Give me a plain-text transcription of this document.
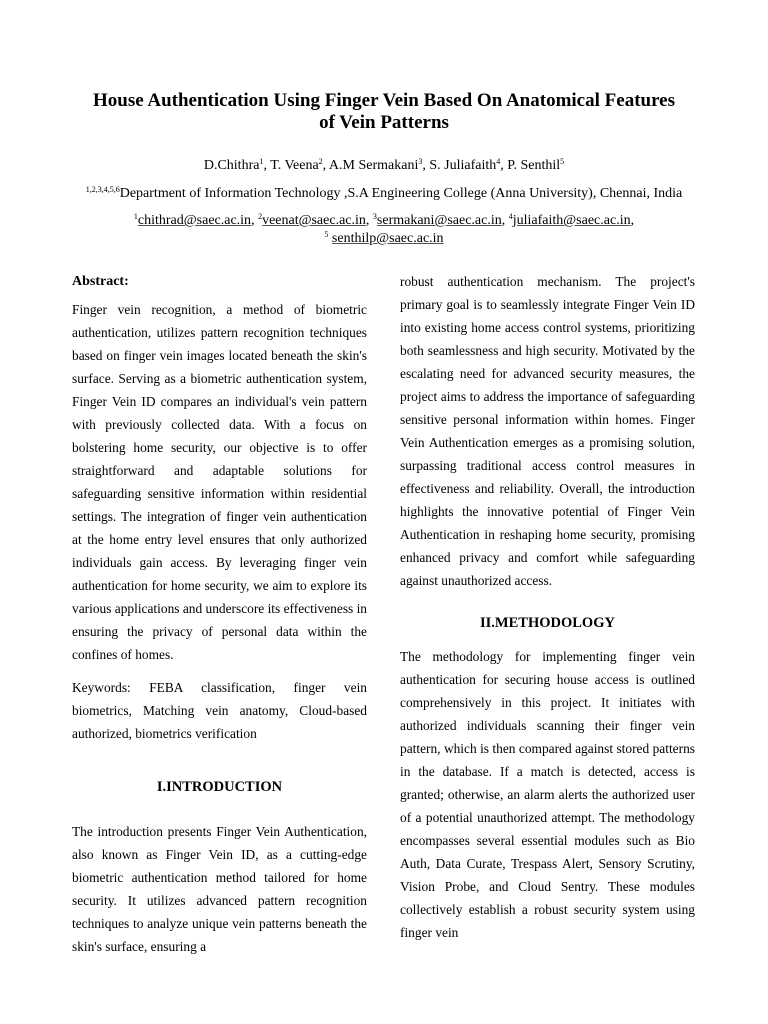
House Authentication Using Finger Vein Based On Anatomical Features of Vein Patterns
D.Chithra$^1$, T. Veena$^2$, A.M Sermakani$^3$, S. Juliafaith$^4$, P. Senthil$^5$
$^{1,2,3,4,5,6}$Department of Information Technology ,S.A Engineering College (Anna University), Chennai, India
$^1$chithrad@saec.ac.in, $^2$veenat@saec.ac.in, $^3$sermakani@saec.ac.in, $^4$juliafaith@saec.ac.in,
$^5$ senthilp@saec.ac.in
Abstract:

Finger vein recognition, a method of biometric authentication, utilizes pattern recognition techniques based on finger vein images located beneath the skin's surface. Serving as a biometric authentication system, Finger Vein ID compares an individual's vein pattern with previously collected data. With a focus on bolstering home security, our objective is to offer straightforward and adaptable solutions for safeguarding sensitive information within residential settings. The integration of finger vein authentication at the home entry level ensures that only authorized individuals gain access. By leveraging finger vein authentication for home security, we aim to explore its various applications and underscore its effectiveness in ensuring the privacy of personal data within the confines of homes.

Keywords: FEBA classification, finger vein biometrics, Matching vein anatomy, Cloud-based authorized, biometrics verification

I.INTRODUCTION

The introduction presents Finger Vein Authentication, also known as Finger Vein ID, as a cutting-edge biometric authentication method tailored for home security. It utilizes advanced pattern recognition techniques to analyze unique vein patterns beneath the skin's surface, ensuring a

robust authentication mechanism. The project's primary goal is to seamlessly integrate Finger Vein ID into existing home access control systems, prioritizing both seamlessness and high security. Motivated by the escalating need for advanced security measures, the project aims to address the importance of safeguarding sensitive personal information within homes. Finger Vein Authentication emerges as a promising solution, surpassing traditional access control measures in effectiveness and reliability. Overall, the introduction highlights the innovative potential of Finger Vein Authentication in reshaping home security, promising enhanced privacy and comfort while safeguarding against unauthorized access.

II.METHODOLOGY

The methodology for implementing finger vein authentication for securing house access is outlined comprehensively in this project. It initiates with authorized individuals scanning their finger vein pattern, which is then compared against stored patterns in the database. If a match is detected, access is granted; otherwise, an alarm alerts the authorized user of a potential unauthorized attempt. The methodology encompasses several essential modules such as Bio Auth, Data Curate, Trespass Alert, Sensory Scrutiny, Vision Probe, and Cloud Sentry. These modules collectively establish a robust security system using finger vein
